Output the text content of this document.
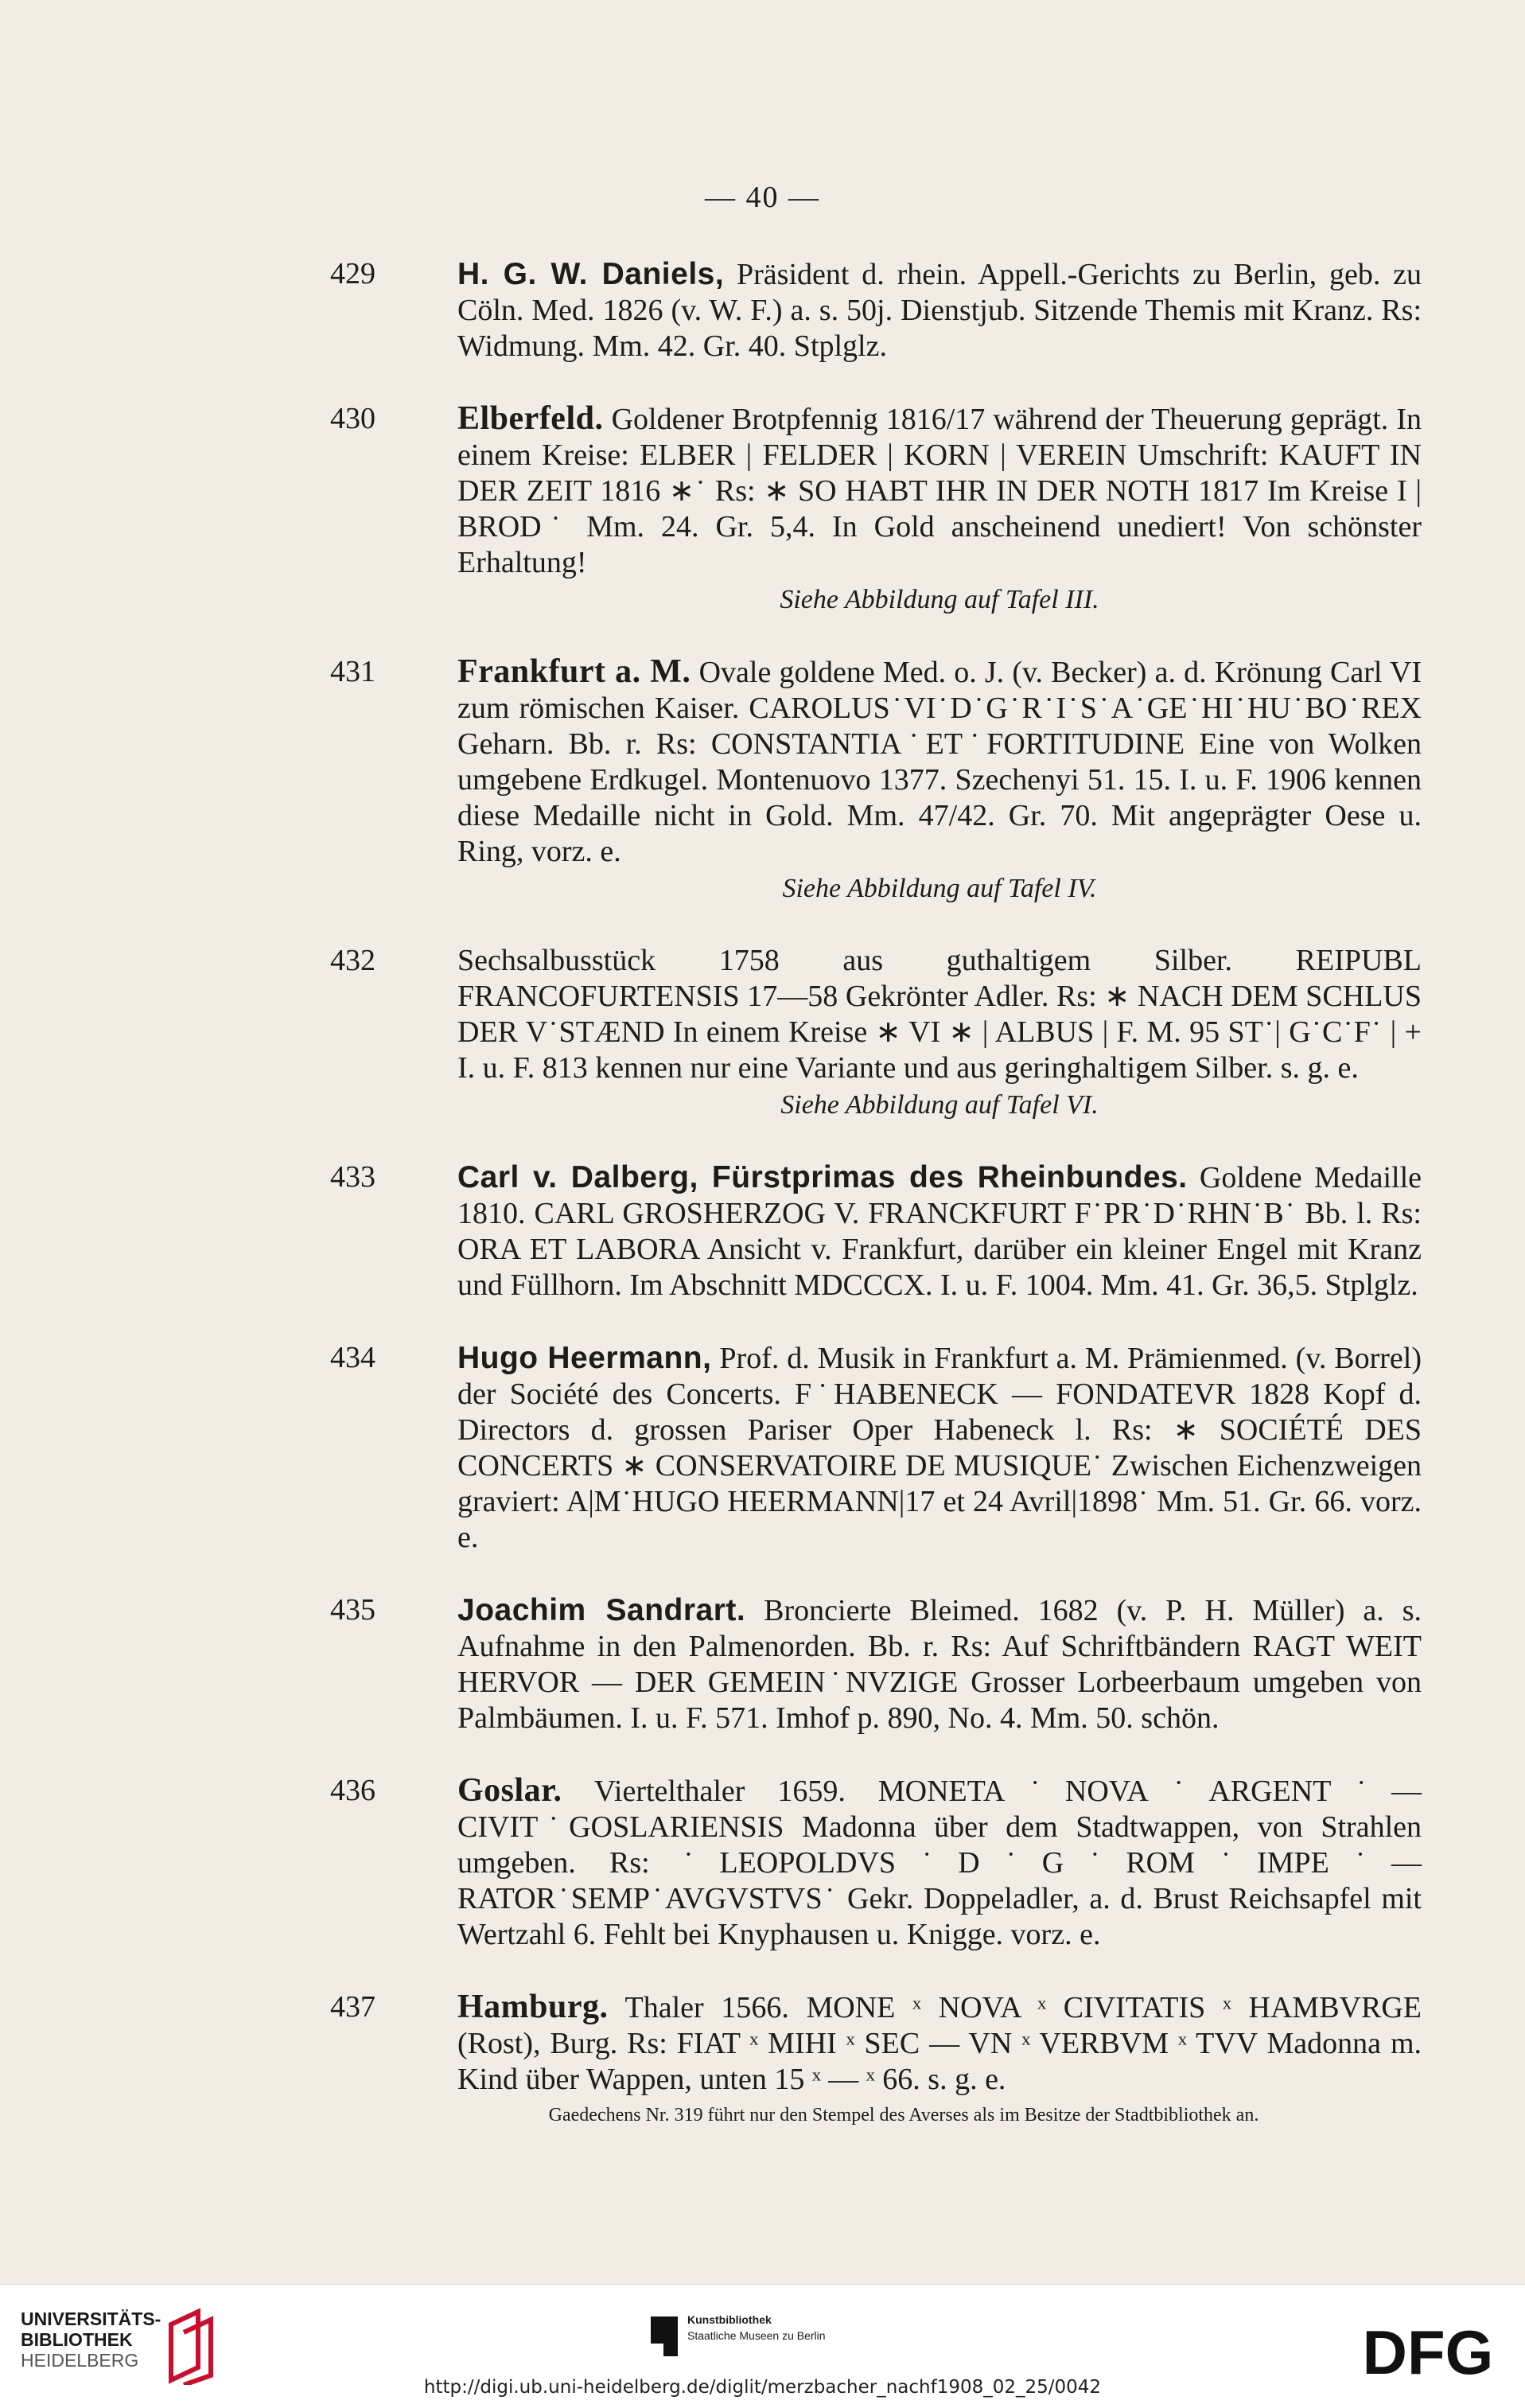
— 40 —
429	H. G. W. Daniels, Präsident d. rhein. Appell.-Gerichts zu Berlin, geb. zu Cöln. Med. 1826 (v. W. F.) a. s. 50j. Dienstjub. Sitzende Themis mit Kranz. Rs: Widmung. Mm. 42. Gr. 40. Stplglz.
430 Elberfeld. Goldener Brotpfennig 1816/17 während der Theuerung geprägt. In einem Kreise: ELBER | FELDER | KORN | VEREIN Umschrift: KAUFT IN DER ZEIT 1816 ∗˙ Rs: ∗ SO HABT IHR IN DER NOTH 1817 Im Kreise I | BROD˙ Mm. 24. Gr. 5,4. In Gold anscheinend unediert! Von schönster Erhaltung!
Siehe Abbildung auf Tafel III.
431 Frankfurt a. M. Ovale goldene Med. o. J. (v. Becker) a. d. Krönung Carl VI zum römischen Kaiser. CAROLUS˙VI˙D˙G˙R˙I˙S˙A˙GE˙HI˙HU˙BO˙REX Geharn. Bb. r. Rs: CONSTANTIA˙ET˙FORTITUDINE Eine von Wolken umgebene Erdkugel. Montenuovo 1377. Szechenyi 51. 15. I. u. F. 1906 kennen diese Medaille nicht in Gold. Mm. 47/42. Gr. 70. Mit angeprägter Oese u. Ring, vorz. e.
Siehe Abbildung auf Tafel IV.
432	Sechsalbusstück 1758 aus guthaltigem Silber. REIPUBL FRANCOFURTENSIS 17—58 Gekrönter Adler. Rs: ∗ NACH DEM SCHLUS DER V˙STÆND In einem Kreise ∗ VI ∗ | ALBUS | F. M. 95 ST˙| G˙C˙F˙ | + I. u. F. 813 kennen nur eine Variante und aus geringhaltigem Silber. s. g. e.
Siehe Abbildung auf Tafel VI.
433	Carl v. Dalberg, Fürstprimas des Rheinbundes. Goldene Medaille 1810. CARL GROSHERZOG V. FRANCKFURT F˙PR˙D˙RHN˙B˙ Bb. l. Rs: ORA ET LABORA Ansicht v. Frankfurt, darüber ein kleiner Engel mit Kranz und Füllhorn. Im Abschnitt MDCCCX. I. u. F. 1004. Mm. 41. Gr. 36,5. Stplglz.
434	Hugo Heermann, Prof. d. Musik in Frankfurt a. M. Prämienmed. (v. Borrel) der Société des Concerts. F˙HABENECK — FONDATEVR 1828 Kopf d. Directors d. grossen Pariser Oper Habeneck l. Rs: ∗ SOCIÉTÉ DES CONCERTS ∗ CONSERVATOIRE DE MUSIQUE˙ Zwischen Eichenzweigen graviert: A|M˙HUGO HEERMANN|17 et 24 Avril|1898˙ Mm. 51. Gr. 66. vorz. e.
435	Joachim Sandrart. Broncierte Bleimed. 1682 (v. P. H. Müller) a. s. Aufnahme in den Palmenorden. Bb. r. Rs: Auf Schriftbändern RAGT WEIT HERVOR — DER GEMEIN˙NVZIGE Grosser Lorbeerbaum umgeben von Palmbäumen. I. u. F. 571. Imhof p. 890, No. 4. Mm. 50. schön.
436 Goslar. Viertelthaler 1659. MONETA˙NOVA˙ARGENT˙— CIVIT˙GOSLARIENSIS Madonna über dem Stadtwappen, von Strahlen umgeben. Rs: ˙LEOPOLDVS˙D˙G˙ROM˙IMPE˙— RATOR˙SEMP˙AVGVSTVS˙ Gekr. Doppeladler, a. d. Brust Reichsapfel mit Wertzahl 6. Fehlt bei Knyphausen u. Knigge. vorz. e.
437 Hamburg. Thaler 1566. MONE ˣ NOVA ˣ CIVITATIS ˣ HAMBVRGE (Rost), Burg. Rs: FIAT ˣ MIHI ˣ SEC — VN ˣ VERBVM ˣ TVV Madonna m. Kind über Wappen, unten 15 ˣ — ˣ 66. s. g. e.
Gaedechens Nr. 319 führt nur den Stempel des Averses als im Besitze der Stadtbibliothek an.
UNIVERSITÄTS-
BIBLIOTHEK
HEIDELBERG
Kunstbibliothek
Staatliche Museen zu Berlin	DFG
http://digi.ub.uni-heidelberg.de/diglit/merzbacher_nachf1908_02_25/0042
